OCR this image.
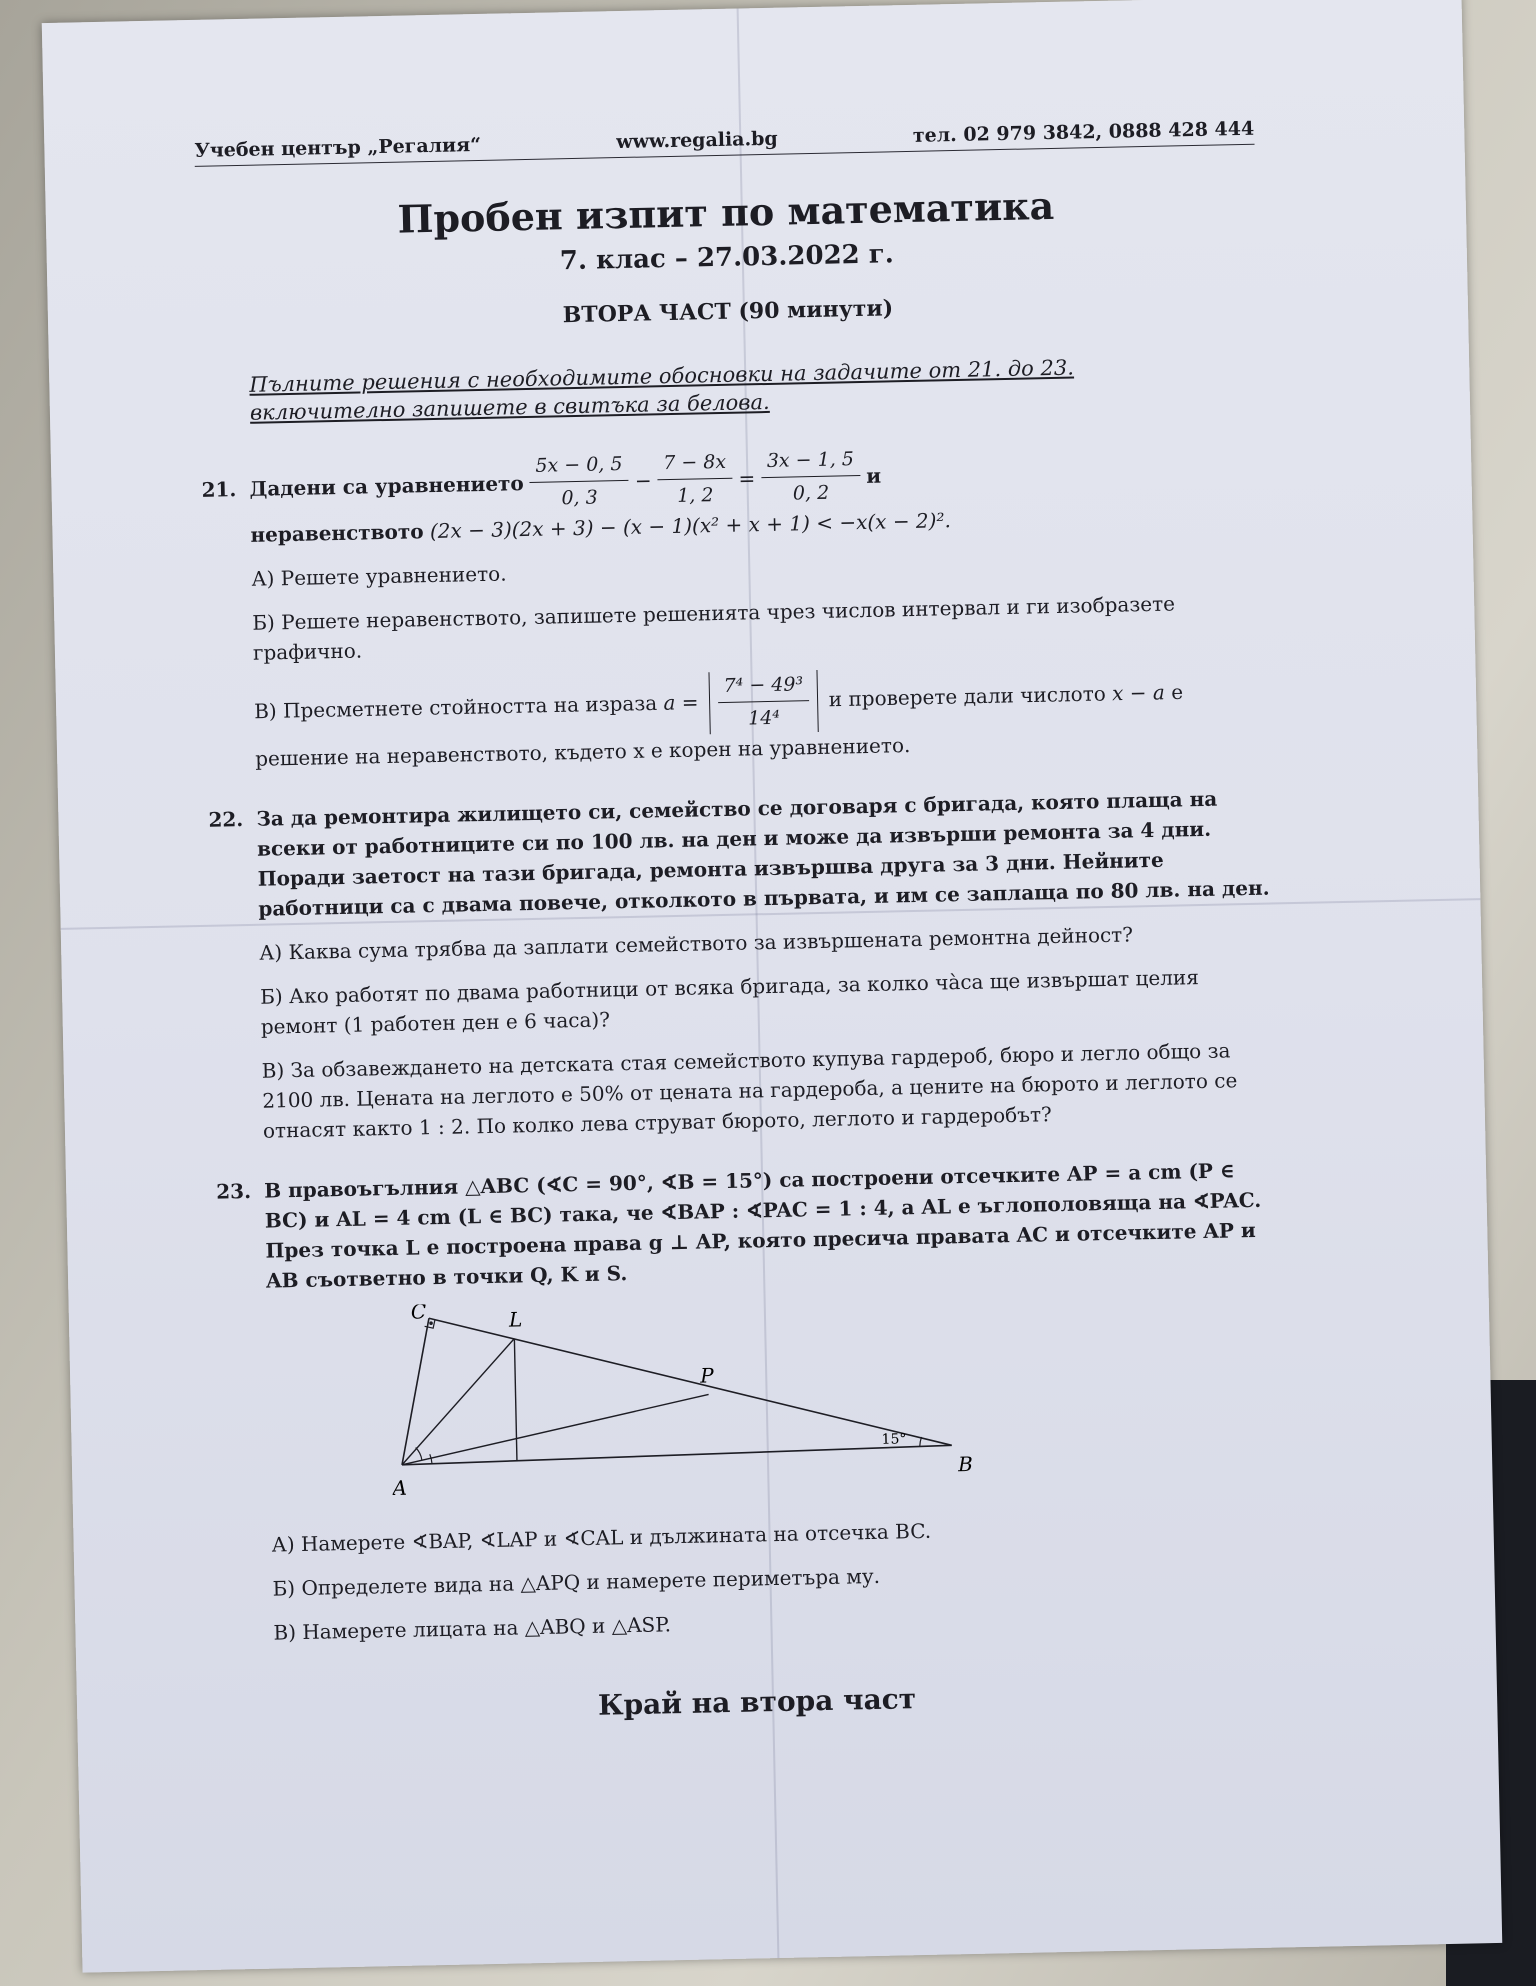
Учебен център „Регалия“	www.regalia.bg	тел. 02 979 3842, 0888 428 444
Пробен изпит по математика
7. клас – 27.03.2022 г.
ВТОРА ЧАСТ (90 минути)
Пълните решения с необходимите обосновки на задачите от 21. до 23. включително запишете в свитъка за белова.
21. Дадени са уравнението $\frac{5x - 0, 5}{0, 3} - \frac{7 - 8x}{1, 2} = \frac{3x - 1, 5}{0, 2}$ и
неравенството (2x − 3)(2x + 3) − (x − 1)(x² + x + 1) < −x(x − 2)².
А) Решете уравнението.
Б) Решете неравенството, запишете решенията чрез числов интервал и ги изобразете графично.
В) Пресметнете стойността на израза $a = \frac{\text{7⁴ − 49³}}{\text{14⁴}}$ и проверете дали числото x − a е
решение на неравенството, където x е корен на уравнението.
22. За да ремонтира жилището си, семейство се договаря с бригада, която плаща на всеки от работниците си по 100 лв. на ден и може да извърши ремонта за 4 дни. Поради заетост на тази бригада, ремонта извършва друга за 3 дни. Нейните работници са с двама повече, отколкото в първата, и им се заплаща по 80 лв. на ден.
А) Каква сума трябва да заплати семейството за извършената ремонтна дейност?
Б) Ако работят по двама работници от всяка бригада, за колко ча̀са ще извършат целия ремонт (1 работен ден е 6 часа)?
В) За обзавеждането на детската стая семейството купува гардероб, бюро и легло общо за 2100 лв. Цената на леглото е 50% от цената на гардероба, а цените на бюрото и леглото се отнасят както 1 : 2. По колко лева струват бюрото, леглото и гардеробът?
23. В правоъгълния △ABC (∢C = 90°, ∢B = 15°) са построени отсечките AP = a cm (P ∈ BC) и AL = 4 cm (L ∈ BC) така, че ∢BAP : ∢PAC = 1 : 4, а AL е ъглополовяща на ∢PAC. През точка L е построена права g ⊥ AP, която пресича правата AC и отсечките AP и AB съответно в точки Q, K и S.
C	L
P
A
B
15°
А) Намерете ∢BAP, ∢LAP и ∢CAL и дължината на отсечка BC.
Б) Определете вида на △APQ и намерете периметъра му.
В) Намерете лицата на △ABQ и △ASP.
Край на втора част
